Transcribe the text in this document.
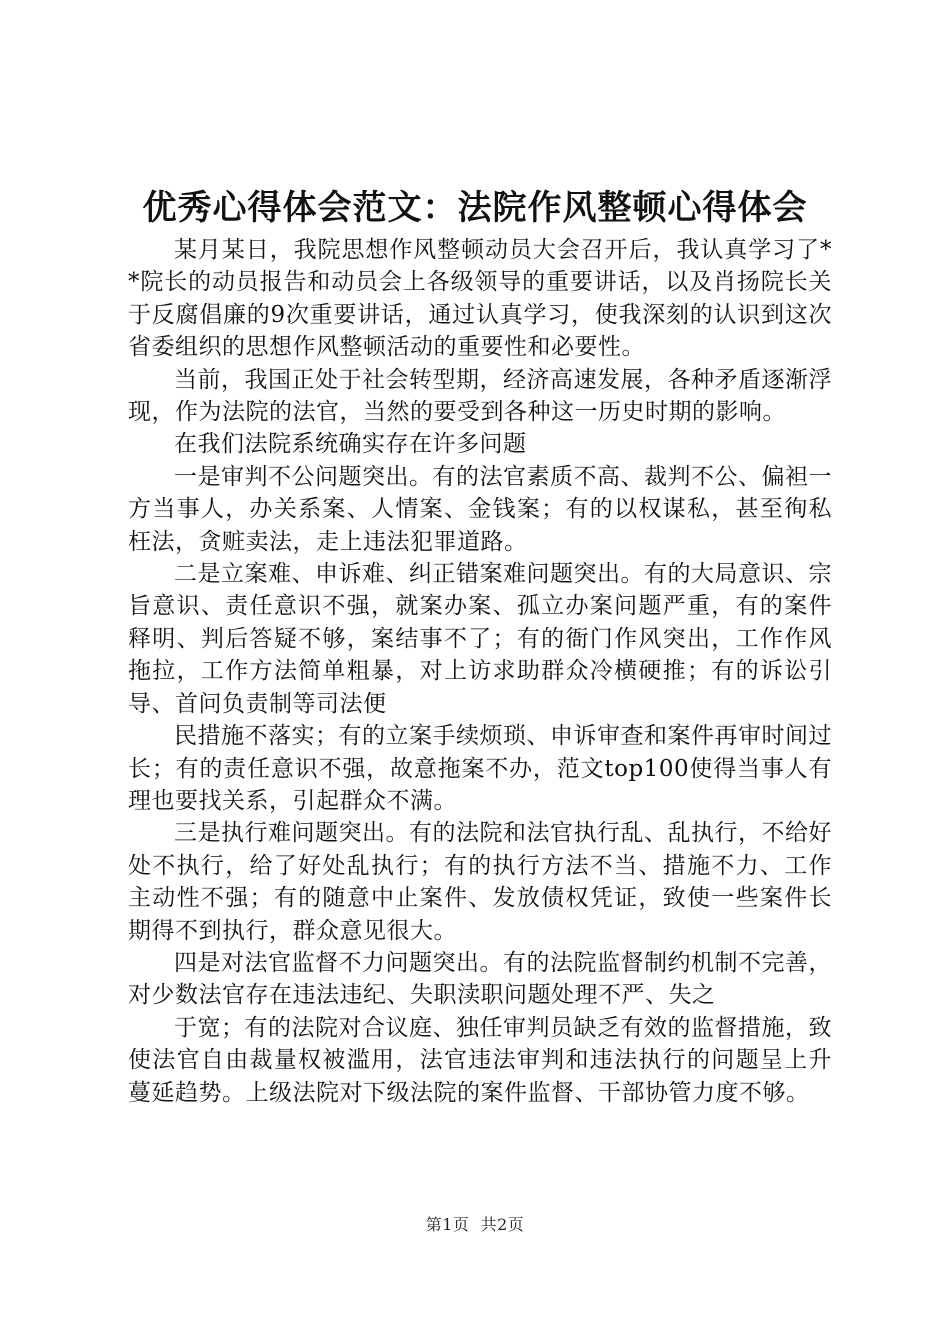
优秀心得体会范文：法院作风整顿心得体会

某月某日，我院思想作风整顿动员大会召开后，我认真学习了**院长的动员报告和动员会上各级领导的重要讲话，以及肖扬院长关于反腐倡廉的9次重要讲话，通过认真学习，使我深刻的认识到这次省委组织的思想作风整顿活动的重要性和必要性。

当前，我国正处于社会转型期，经济高速发展，各种矛盾逐渐浮现，作为法院的法官，当然的要受到各种这一历史时期的影响。

在我们法院系统确实存在许多问题

一是审判不公问题突出。有的法官素质不高、裁判不公、偏袒一方当事人，办关系案、人情案、金钱案；有的以权谋私，甚至徇私枉法，贪赃卖法，走上违法犯罪道路。

二是立案难、申诉难、纠正错案难问题突出。有的大局意识、宗旨意识、责任意识不强，就案办案、孤立办案问题严重，有的案件释明、判后答疑不够，案结事不了；有的衙门作风突出，工作作风拖拉，工作方法简单粗暴，对上访求助群众冷横硬推；有的诉讼引导、首问负责制等司法便

民措施不落实；有的立案手续烦琐、申诉审查和案件再审时间过长；有的责任意识不强，故意拖案不办，范文top100使得当事人有理也要找关系，引起群众不满。

三是执行难问题突出。有的法院和法官执行乱、乱执行，不给好处不执行，给了好处乱执行；有的执行方法不当、措施不力、工作主动性不强；有的随意中止案件、发放债权凭证，致使一些案件长期得不到执行，群众意见很大。

四是对法官监督不力问题突出。有的法院监督制约机制不完善，对少数法官存在违法违纪、失职渎职问题处理不严、失之

于宽；有的法院对合议庭、独任审判员缺乏有效的监督措施，致使法官自由裁量权被滥用，法官违法审判和违法执行的问题呈上升蔓延趋势。上级法院对下级法院的案件监督、干部协管力度不够。

第1页  共2页
